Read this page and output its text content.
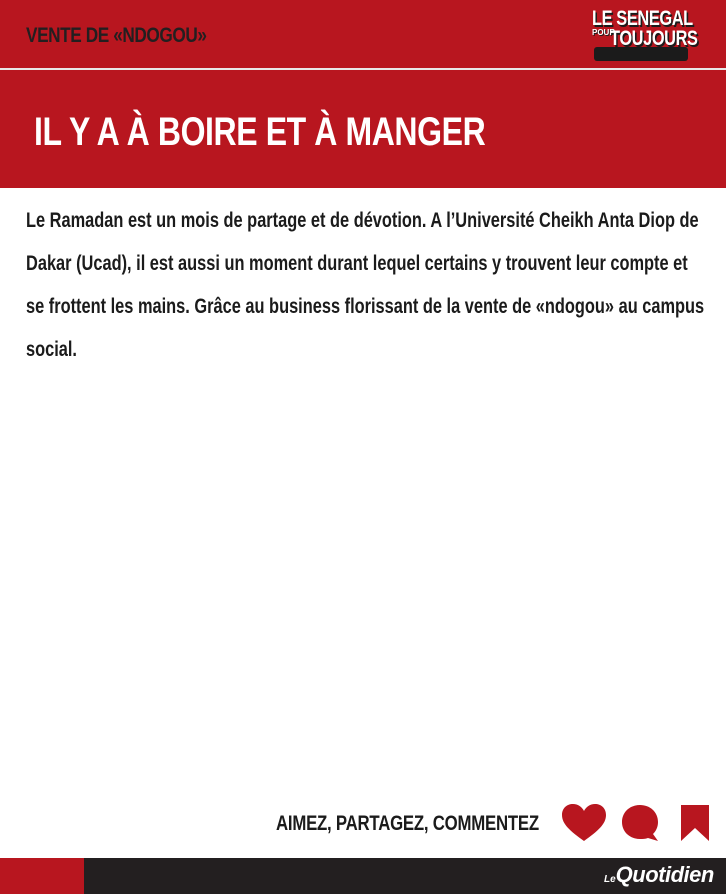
VENTE DE «NDOGOU»
LE SENEGAL
POUR
TOUJOURS
IL Y A À BOIRE ET À MANGER

Le Ramadan est un mois de partage et de dévotion. A l’Université Cheikh Anta Diop de Dakar (Ucad), il est aussi un moment durant lequel certains y trouvent leur compte et se frottent les mains. Grâce au business florissant de la vente de «ndogou» au campus social.

AIMEZ, PARTAGEZ, COMMENTEZ
LeQuotidien
